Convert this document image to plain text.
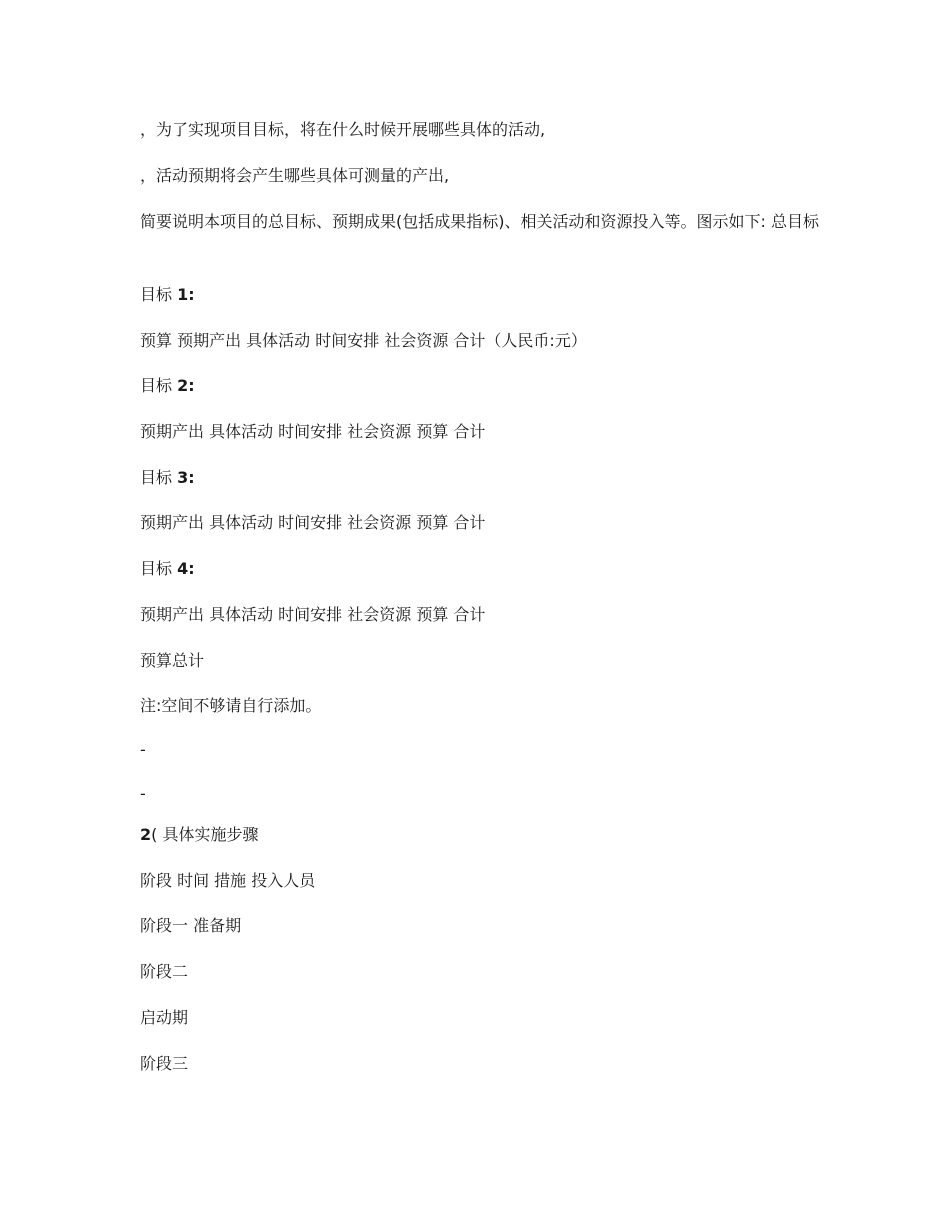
，为了实现项目目标，将在什么时候开展哪些具体的活动,
，活动预期将会产生哪些具体可测量的产出,
简要说明本项目的总目标、预期成果(包括成果指标)、相关活动和资源投入等。图示如下: 总目标
目标 1:
预算 预期产出 具体活动 时间安排 社会资源 合计（人民币:元）
目标 2:
预期产出 具体活动 时间安排 社会资源 预算 合计
目标 3:
预期产出 具体活动 时间安排 社会资源 预算 合计
目标 4:
预期产出 具体活动 时间安排 社会资源 预算 合计
预算总计
注:空间不够请自行添加。
-
-
2( 具体实施步骤
阶段 时间 措施 投入人员
阶段一 准备期
阶段二
启动期
阶段三
